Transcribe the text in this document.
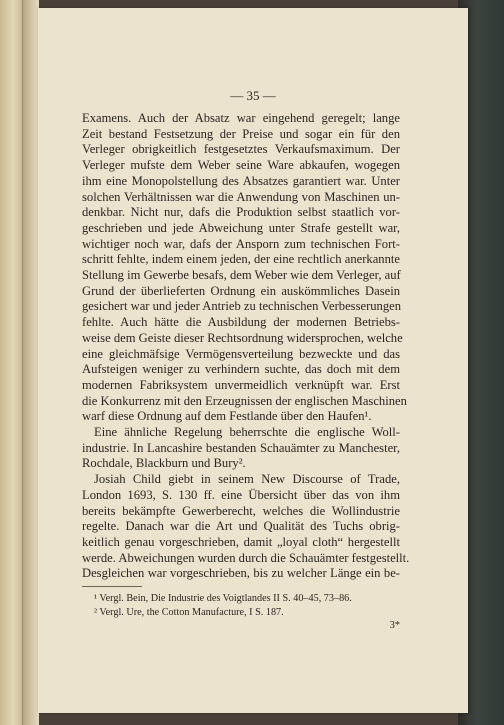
— 35 —
Examens. Auch der Absatz war eingehend geregelt; lange
Zeit bestand Festsetzung der Preise und sogar ein für den
Verleger obrigkeitlich festgesetztes Verkaufsmaximum. Der
Verleger mufste dem Weber seine Ware abkaufen, wogegen
ihm eine Monopolstellung des Absatzes garantiert war. Unter
solchen Verhältnissen war die Anwendung von Maschinen un-
denkbar. Nicht nur, dafs die Produktion selbst staatlich vor-
geschrieben und jede Abweichung unter Strafe gestellt war,
wichtiger noch war, dafs der Ansporn zum technischen Fort-
schritt fehlte, indem einem jeden, der eine rechtlich anerkannte
Stellung im Gewerbe besafs, dem Weber wie dem Verleger, auf
Grund der überlieferten Ordnung ein auskömmliches Dasein
gesichert war und jeder Antrieb zu technischen Verbesserungen
fehlte. Auch hätte die Ausbildung der modernen Betriebs-
weise dem Geiste dieser Rechtsordnung widersprochen, welche
eine gleichmäfsige Vermögensverteilung bezweckte und das
Aufsteigen weniger zu verhindern suchte, das doch mit dem
modernen Fabriksystem unvermeidlich verknüpft war. Erst
die Konkurrenz mit den Erzeugnissen der englischen Maschinen
warf diese Ordnung auf dem Festlande über den Haufen¹.
Eine ähnliche Regelung beherrschte die englische Woll-
industrie. In Lancashire bestanden Schauämter zu Manchester,
Rochdale, Blackburn und Bury².
Josiah Child giebt in seinem New Discourse of Trade,
London 1693, S. 130 ff. eine Übersicht über das von ihm
bereits bekämpfte Gewerberecht, welches die Wollindustrie
regelte. Danach war die Art und Qualität des Tuchs obrig-
keitlich genau vorgeschrieben, damit „loyal cloth“ hergestellt
werde. Abweichungen wurden durch die Schauämter festgestellt.
Desgleichen war vorgeschrieben, bis zu welcher Länge ein be-
¹ Vergl. Bein, Die Industrie des Voigtlandes II S. 40–45, 73–86.
² Vergl. Ure, the Cotton Manufacture, I S. 187.
3*
